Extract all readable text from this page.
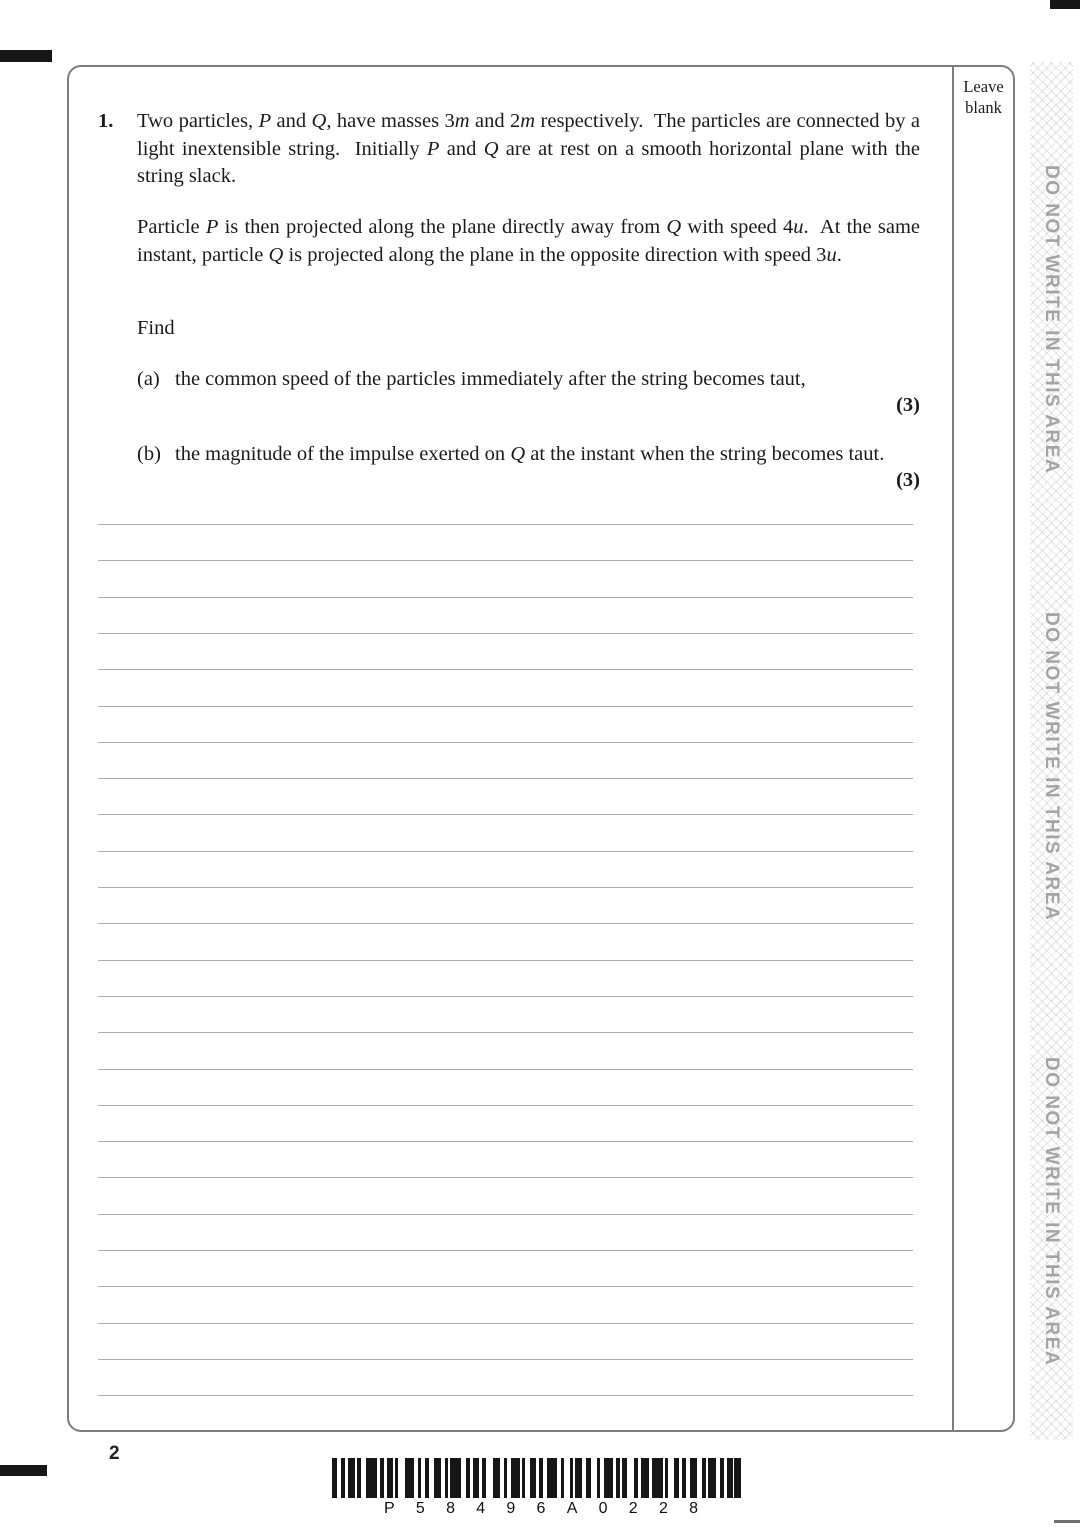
DO NOT WRITE IN THIS AREA
DO NOT WRITE IN THIS AREA
DO NOT WRITE IN THIS AREA
1.	Two particles, P and Q, have masses 3m and 2m respectively.  The particles are connected by a light inextensible string.  Initially P and Q are at rest on a smooth horizontal plane with the string slack.
Particle P is then projected along the plane directly away from Q with speed 4u.  At the same instant, particle Q is projected along the plane in the opposite direction with speed 3u.
Find
(a) the common speed of the particles immediately after the string becomes taut,
(3)
(b) the magnitude of the impulse exerted on Q at the instant when the string becomes taut.
(3)
Leave
blank
2
P 5 8 4 9 6 A 0 2 2 8
